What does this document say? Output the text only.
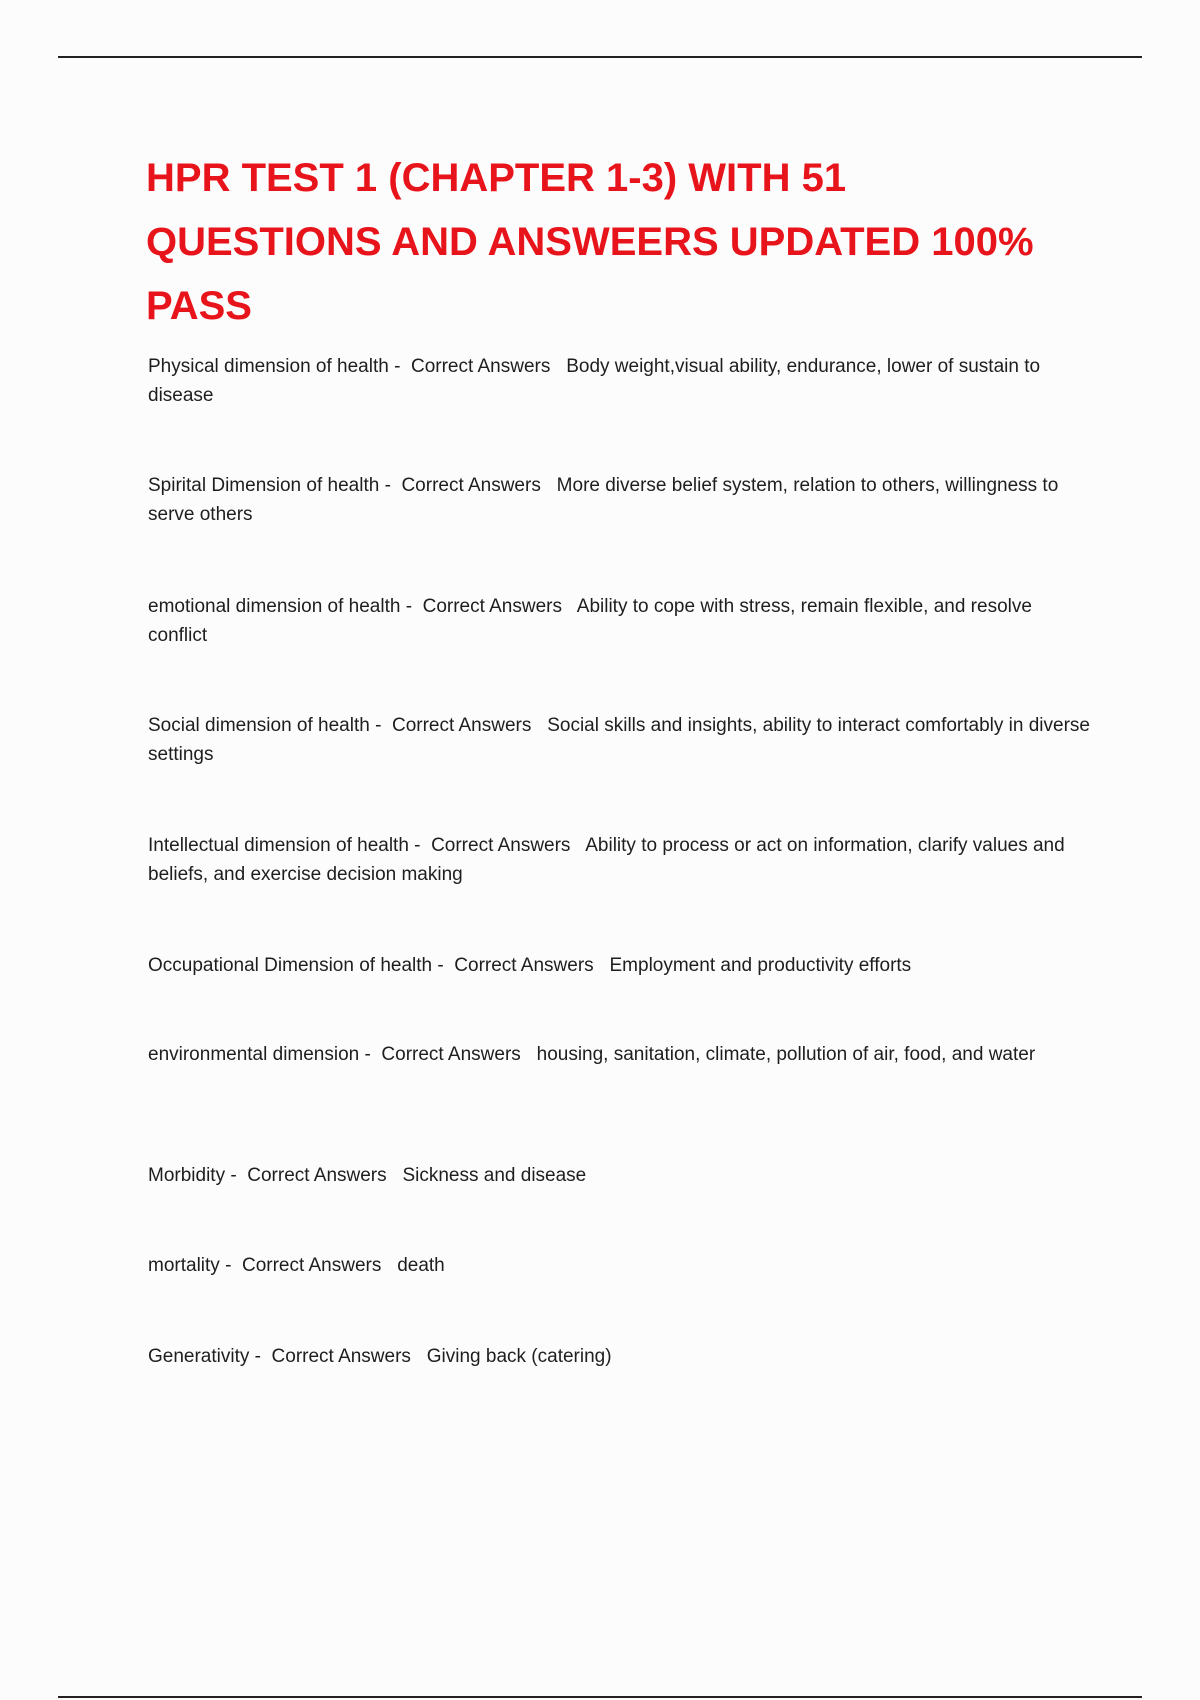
HPR TEST 1 (CHAPTER 1-3) WITH 51 QUESTIONS AND ANSWEERS UPDATED 100% PASS
Physical dimension of health - Correct Answers Body weight,visual ability, endurance, lower of sustain to disease
Spirital Dimension of health - Correct Answers More diverse belief system, relation to others, willingness to serve others
emotional dimension of health - Correct Answers Ability to cope with stress, remain flexible, and resolve conflict
Social dimension of health - Correct Answers Social skills and insights, ability to interact comfortably in diverse settings
Intellectual dimension of health - Correct Answers Ability to process or act on information, clarify values and beliefs, and exercise decision making
Occupational Dimension of health - Correct Answers Employment and productivity efforts
environmental dimension - Correct Answers housing, sanitation, climate, pollution of air, food, and water
Morbidity - Correct Answers Sickness and disease
mortality - Correct Answers death
Generativity - Correct Answers Giving back (catering)
